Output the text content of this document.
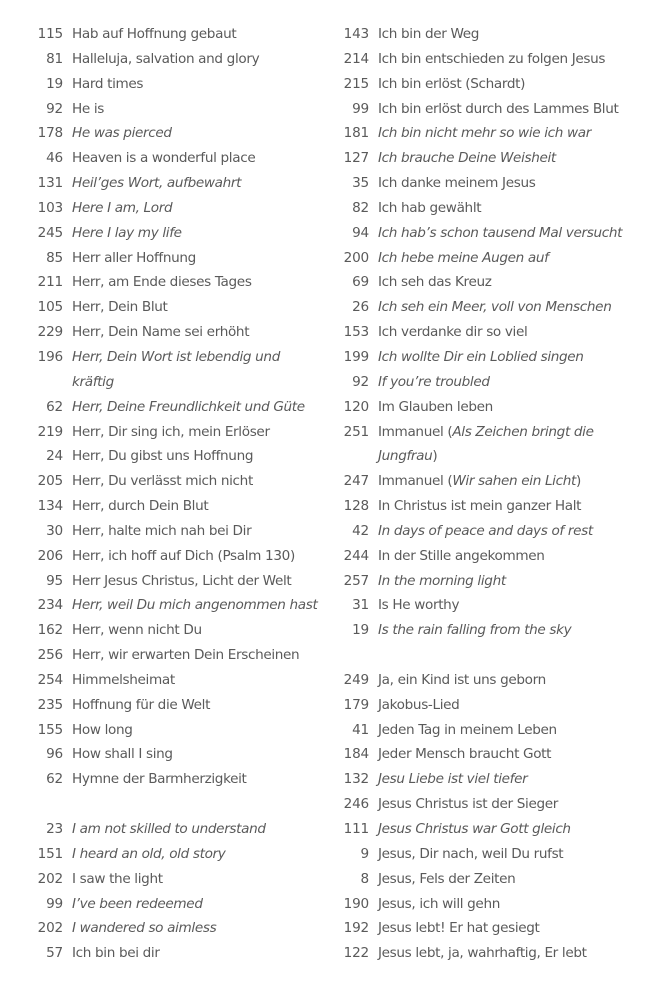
115 Hab auf Hoffnung gebaut
81 Halleluja, salvation and glory
19 Hard times
92 He is
178 He was pierced
46 Heaven is a wonderful place
131 Heil’ges Wort, aufbewahrt
103 Here I am, Lord
245 Here I lay my life
85 Herr aller Hoffnung
211 Herr, am Ende dieses Tages
105 Herr, Dein Blut
229 Herr, Dein Name sei erhöht
196 Herr, Dein Wort ist lebendig und
kräftig
62 Herr, Deine Freundlichkeit und Güte
219 Herr, Dir sing ich, mein Erlöser
24 Herr, Du gibst uns Hoffnung
205 Herr, Du verlässt mich nicht
134 Herr, durch Dein Blut
30 Herr, halte mich nah bei Dir
206 Herr, ich hoff auf Dich (Psalm 130)
95 Herr Jesus Christus, Licht der Welt
234 Herr, weil Du mich angenommen hast
162 Herr, wenn nicht Du
256 Herr, wir erwarten Dein Erscheinen
254 Himmelsheimat
235 Hoffnung für die Welt
155 How long
96 How shall I sing
62 Hymne der Barmherzigkeit
23 I am not skilled to understand
151 I heard an old, old story
202 I saw the light
99 I’ve been redeemed
202 I wandered so aimless
57 Ich bin bei dir
143 Ich bin der Weg
214 Ich bin entschieden zu folgen Jesus
215 Ich bin erlöst (Schardt)
99 Ich bin erlöst durch des Lammes Blut
181 Ich bin nicht mehr so wie ich war
127 Ich brauche Deine Weisheit
35 Ich danke meinem Jesus
82 Ich hab gewählt
94 Ich hab’s schon tausend Mal versucht
200 Ich hebe meine Augen auf
69 Ich seh das Kreuz
26 Ich seh ein Meer, voll von Menschen
153 Ich verdanke dir so viel
199 Ich wollte Dir ein Loblied singen
92 If you’re troubled
120 Im Glauben leben
251 Immanuel (Als Zeichen bringt die
Jungfrau)
247 Immanuel (Wir sahen ein Licht)
128 In Christus ist mein ganzer Halt
42 In days of peace and days of rest
244 In der Stille angekommen
257 In the morning light
31 Is He worthy
19 Is the rain falling from the sky
249 Ja, ein Kind ist uns geborn
179 Jakobus-Lied
41 Jeden Tag in meinem Leben
184 Jeder Mensch braucht Gott
132 Jesu Liebe ist viel tiefer
246 Jesus Christus ist der Sieger
111 Jesus Christus war Gott gleich
9 Jesus, Dir nach, weil Du rufst
8 Jesus, Fels der Zeiten
190 Jesus, ich will gehn
192 Jesus lebt! Er hat gesiegt
122 Jesus lebt, ja, wahrhaftig, Er lebt
